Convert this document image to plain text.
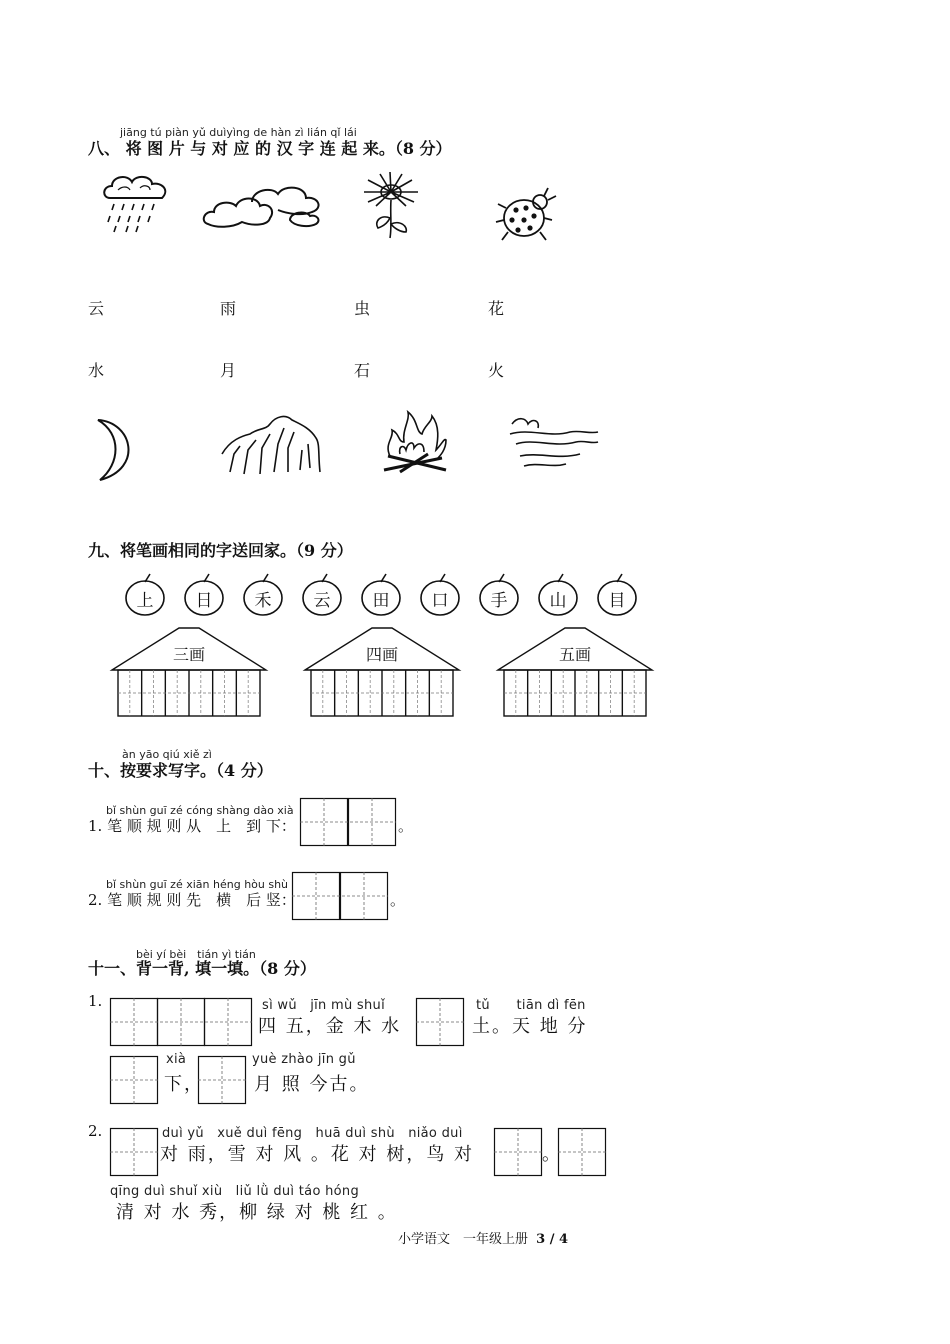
jiāng tú piàn yǔ duìyìng de hàn zì lián qǐ lái
八、 将 图 片 与 对 应 的 汉 字 连 起 来。（8 分）
云	雨	虫	花
水	月	石	火
九、将笔画相同的字送回家。（9 分）
上 日 禾 云 田 口 手 山 目
三画	四画	五画
àn yāo qiú xiě zì
十、按要求写字。（4 分）
bǐ shùn guī zé cóng shàng dào xià
1. 笔 顺 规 则 从　上　到 下：	。
bǐ shùn guī zé xiān héng hòu shù
2. 笔 顺 规 则 先　横　后 竖：	。
bèi yí bèi　tián yì tián
十一、背一背, 填一填。（8 分）
1.	sì wǔ　jīn mù shuǐ
四 五，金 木 水
tǔ　　tiān dì fēn
土。天 地 分
xià
下，
yuè zhào jīn gǔ
月 照 今古。
2.	duì yǔ　xuě duì fēng　huā duì shù　niǎo duì
对 雨，雪 对 风 。花 对 树，鸟 对	。
qīng duì shuǐ xiù　liǔ lǜ duì táo hóng
清 对 水 秀，柳 绿 对 桃 红 。
小学语文　一年级上册 3 / 4
